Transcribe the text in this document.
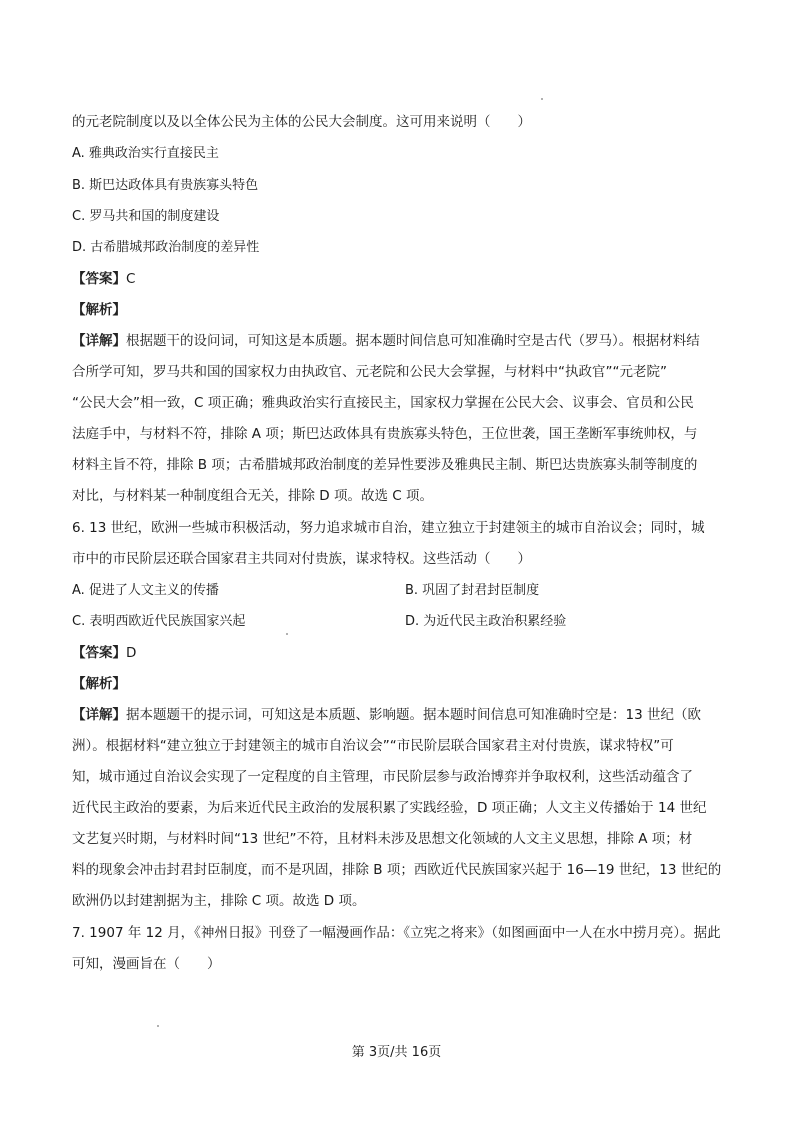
的元老院制度以及以全体公民为主体的公民大会制度。这可用来说明（　　）
A. 雅典政治实行直接民主
B. 斯巴达政体具有贵族寡头特色
C. 罗马共和国的制度建设
D. 古希腊城邦政治制度的差异性
【答案】C
【解析】
【详解】根据题干的设问词，可知这是本质题。据本题时间信息可知准确时空是古代（罗马）。根据材料结
合所学可知，罗马共和国的国家权力由执政官、元老院和公民大会掌握，与材料中“执政官”“元老院”
“公民大会”相一致，C 项正确；雅典政治实行直接民主，国家权力掌握在公民大会、议事会、官员和公民
法庭手中，与材料不符，排除 A 项；斯巴达政体具有贵族寡头特色，王位世袭，国王垄断军事统帅权，与
材料主旨不符，排除 B 项；古希腊城邦政治制度的差异性要涉及雅典民主制、斯巴达贵族寡头制等制度的
对比，与材料某一种制度组合无关，排除 D 项。故选 C 项。
6. 13 世纪，欧洲一些城市积极活动，努力追求城市自治，建立独立于封建领主的城市自治议会；同时，城
市中的市民阶层还联合国家君主共同对付贵族，谋求特权。这些活动（　　）
A. 促进了人文主义的传播	B. 巩固了封君封臣制度
C. 表明西欧近代民族国家兴起	D. 为近代民主政治积累经验
【答案】D
【解析】
【详解】据本题题干的提示词，可知这是本质题、影响题。据本题时间信息可知准确时空是：13 世纪（欧
洲）。根据材料“建立独立于封建领主的城市自治议会”“市民阶层联合国家君主对付贵族，谋求特权”可
知，城市通过自治议会实现了一定程度的自主管理，市民阶层参与政治博弈并争取权利，这些活动蕴含了
近代民主政治的要素，为后来近代民主政治的发展积累了实践经验，D 项正确；人文主义传播始于 14 世纪
文艺复兴时期，与材料时间“13 世纪”不符，且材料未涉及思想文化领域的人文主义思想，排除 A 项；材
料的现象会冲击封君封臣制度，而不是巩固，排除 B 项；西欧近代民族国家兴起于 16—19 世纪，13 世纪的
欧洲仍以封建割据为主，排除 C 项。故选 D 项。
7. 1907 年 12 月，《神州日报》刊登了一幅漫画作品：《立宪之将来》（如图画面中一人在水中捞月亮）。据此
可知，漫画旨在（　　）
第 3页/共 16页
